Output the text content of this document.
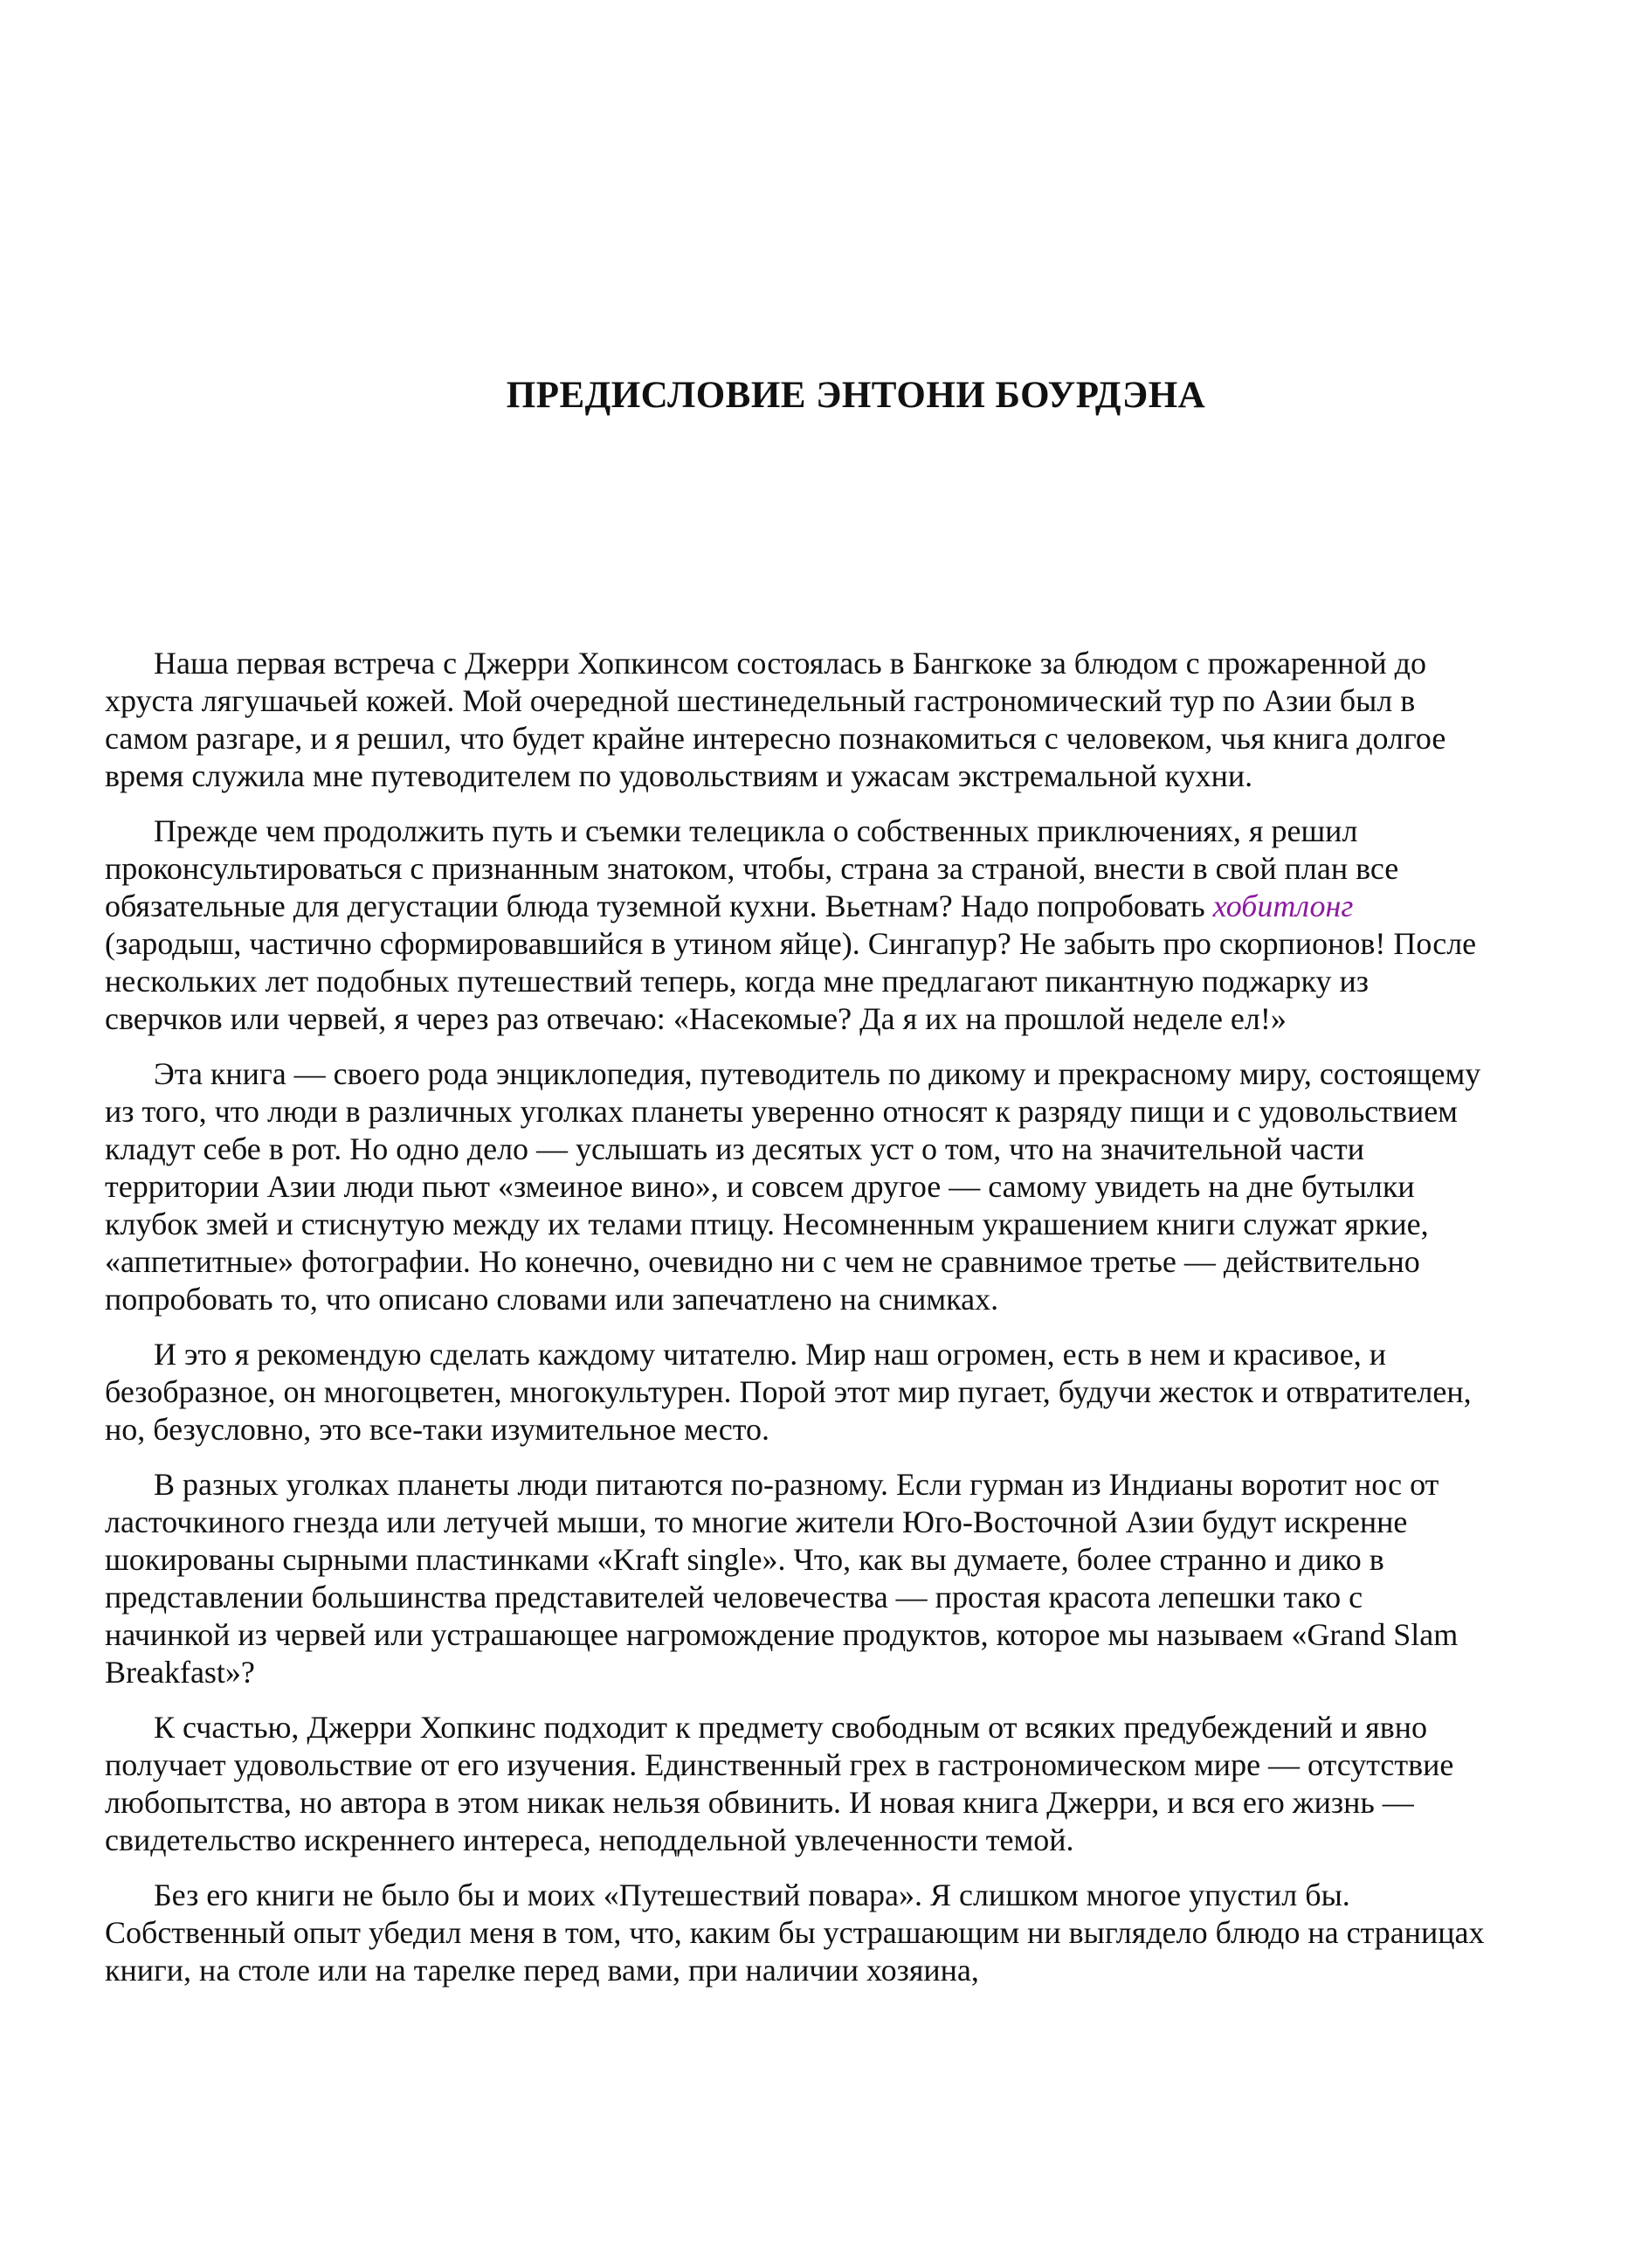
ПРЕДИСЛОВИЕ ЭНТОНИ БОУРДЭНА

Наша первая встреча с Джерри Хопкинсом состоялась в Бангкоке за блюдом с прожаренной до хруста лягушачьей кожей. Мой очередной шестинедельный гастрономический тур по Азии был в самом разгаре, и я решил, что будет крайне интересно познакомиться с человеком, чья книга долгое время служила мне путеводителем по удовольствиям и ужасам экстремальной кухни.

Прежде чем продолжить путь и съемки телецикла о собственных приключениях, я решил проконсультироваться с признанным знатоком, чтобы, страна за страной, внести в свой план все обязательные для дегустации блюда туземной кухни. Вьетнам? Надо попробовать хобитлонг (зародыш, частично сформировавшийся в утином яйце). Сингапур? Не забыть про скорпионов! После нескольких лет подобных путешествий теперь, когда мне предлагают пикантную поджарку из сверчков или червей, я через раз отвечаю: «Насекомые? Да я их на прошлой неделе ел!»

Эта книга — своего рода энциклопедия, путеводитель по дикому и прекрасному миру, состоящему из того, что люди в различных уголках планеты уверенно относят к разряду пищи и с удовольствием кладут себе в рот. Но одно дело — услышать из десятых уст о том, что на значительной части территории Азии люди пьют «змеиное вино», и совсем другое — самому увидеть на дне бутылки клубок змей и стиснутую между их телами птицу. Несомненным украшением книги служат яркие, «аппетитные» фотографии. Но конечно, очевидно ни с чем не сравнимое третье — действительно попробовать то, что описано словами или запечатлено на снимках.

И это я рекомендую сделать каждому читателю. Мир наш огромен, есть в нем и красивое, и безобразное, он многоцветен, многокультурен. Порой этот мир пугает, будучи жесток и отвратителен, но, безусловно, это все-таки изумительное место.

В разных уголках планеты люди питаются по-разному. Если гурман из Индианы воротит нос от ласточкиного гнезда или летучей мыши, то многие жители Юго-Восточной Азии будут искренне шокированы сырными пластинками «Kraft single». Что, как вы думаете, более странно и дико в представлении большинства представителей человечества — простая красота лепешки тако с начинкой из червей или устрашающее нагромождение продуктов, которое мы называем «Grand Slam Breakfast»?

К счастью, Джерри Хопкинс подходит к предмету свободным от всяких предубеждений и явно получает удовольствие от его изучения. Единственный грех в гастрономическом мире — отсутствие любопытства, но автора в этом никак нельзя обвинить. И новая книга Джерри, и вся его жизнь — свидетельство искреннего интереса, неподдельной увлеченности темой.

Без его книги не было бы и моих «Путешествий повара». Я слишком многое упустил бы. Собственный опыт убедил меня в том, что, каким бы устрашающим ни выглядело блюдо на страницах книги, на столе или на тарелке перед вами, при наличии хозяина,
